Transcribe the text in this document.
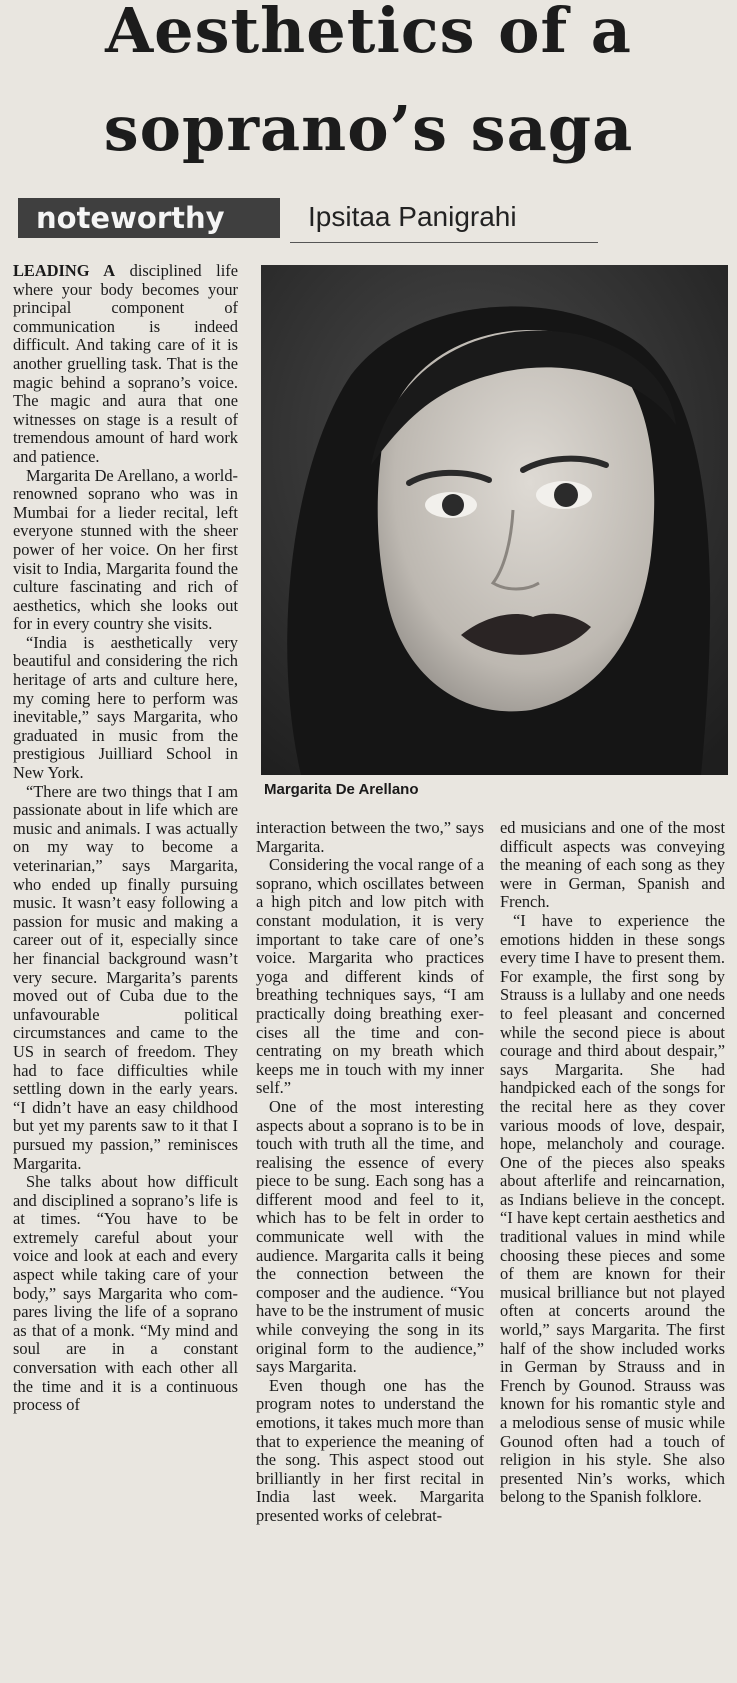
Aesthetics of a
soprano’s saga
noteworthy	Ipsitaa Panigrahi

LEADING A disciplined life where your body becomes your principal component of communication is indeed difficult. And taking care of it is another gruelling task. That is the magic behind a soprano’s voice. The magic and aura that one witnesses on stage is a result of tremendous amount of hard work and patience.

Margarita De Arellano, a world-renowned soprano who was in Mumbai for a lieder recital, left everyone stunned with the sheer power of her voice. On her first visit to India, Margarita found the culture fascinating and rich of aesthetics, which she looks out for in every country she visits.

“India is aesthetically very beautiful and considering the rich heritage of arts and culture here, my coming here to perform was inevitable,” says Margarita, who graduated in music from the prestigious Juilliard School in New York.

“There are two things that I am passionate about in life which are music and animals. I was actually on my way to become a veterinarian,” says Margarita, who ended up finally pursuing music. It wasn’t easy following a passion for music and making a career out of it, especially since her financial background wasn’t very secure. Margarita’s parents moved out of Cuba due to the unfavourable political circumstances and came to the US in search of freedom. They had to face difficulties while settling down in the early years. “I didn’t have an easy childhood but yet my parents saw to it that I pursued my passion,” reminisces Margarita.

She talks about how difficult and disciplined a soprano’s life is at times. “You have to be extremely careful about your voice and look at each and every aspect while taking care of your body,” says Margarita who compares living the life of a soprano as that of a monk. “My mind and soul are in a constant conversation with each other all the time and it is a continuous process of

Margarita De Arellano

interaction between the two,” says Margarita.

Considering the vocal range of a soprano, which oscillates between a high pitch and low pitch with constant modulation, it is very important to take care of one’s voice. Margarita who practices yoga and different kinds of breathing techniques says, “I am practically doing breathing exercises all the time and concentrating on my breath which keeps me in touch with my inner self.”

One of the most interesting aspects about a soprano is to be in touch with truth all the time, and realising the essence of every piece to be sung. Each song has a different mood and feel to it, which has to be felt in order to communicate well with the audience. Margarita calls it being the connection between the composer and the audience. “You have to be the instrument of music while conveying the song in its original form to the audience,” says Margarita.

Even though one has the program notes to understand the emotions, it takes much more than that to experience the meaning of the song. This aspect stood out brilliantly in her first recital in India last week. Margarita presented works of celebrat-

ed musicians and one of the most difficult aspects was conveying the meaning of each song as they were in German, Spanish and French.

“I have to experience the emotions hidden in these songs every time I have to present them. For example, the first song by Strauss is a lullaby and one needs to feel pleasant and concerned while the second piece is about courage and third about despair,” says Margarita. She had handpicked each of the songs for the recital here as they cover various moods of love, despair, hope, melancholy and courage. One of the pieces also speaks about afterlife and reincarnation, as Indians believe in the concept. “I have kept certain aesthetics and traditional values in mind while choosing these pieces and some of them are known for their musical brilliance but not played often at concerts around the world,” says Margarita. The first half of the show included works in German by Strauss and in French by Gounod. Strauss was known for his romantic style and a melodious sense of music while Gounod often had a touch of religion in his style. She also presented Nin’s works, which belong to the Spanish folklore.
